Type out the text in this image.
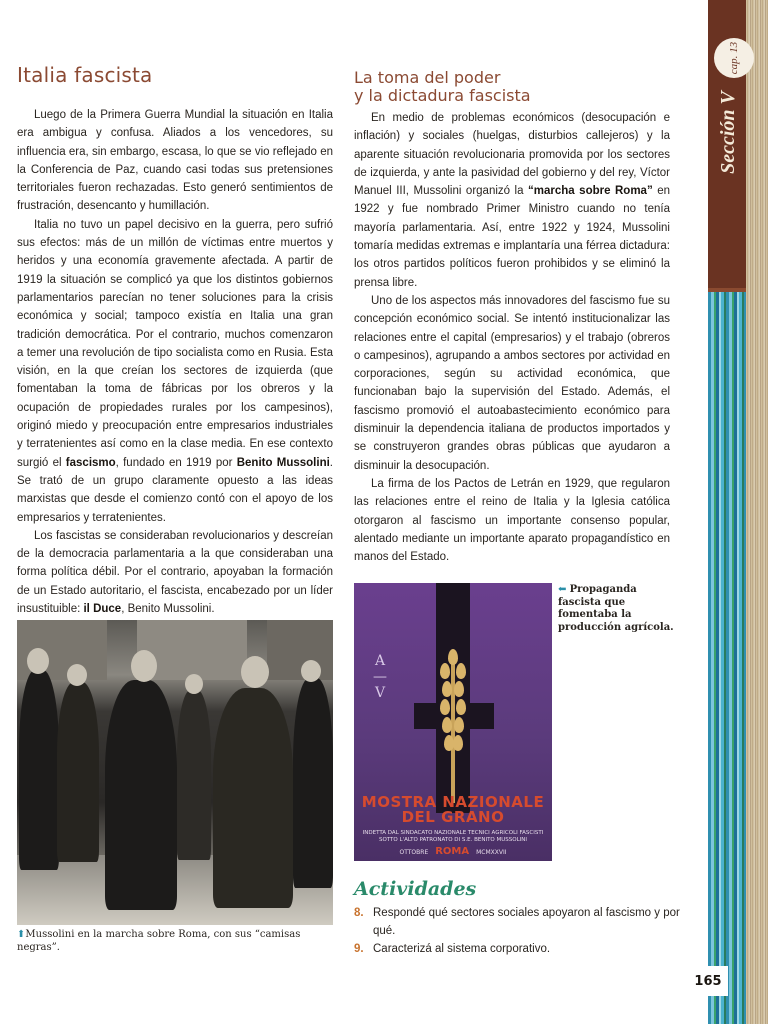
Italia fascista

Luego de la Primera Guerra Mundial la situación en Italia era ambigua y confusa. Aliados a los vencedores, su influencia era, sin embargo, escasa, lo que se vio reflejado en la Conferencia de Paz, cuando casi todas sus pretensiones territoriales fueron rechazadas. Esto generó sentimientos de frustración, desencanto y humillación.

Italia no tuvo un papel decisivo en la guerra, pero sufrió sus efectos: más de un millón de víctimas entre muertos y heridos y una economía gravemente afectada. A partir de 1919 la situación se complicó ya que los distintos gobiernos parlamentarios parecían no tener soluciones para la crisis económica y social; tampoco existía en Italia una gran tradición democrática. Por el contrario, muchos comenzaron a temer una revolución de tipo socialista como en Rusia. Esta visión, en la que creían los sectores de izquierda (que fomentaban la toma de fábricas por los obreros y la ocupación de propiedades rurales por los campesinos), originó miedo y preocupación entre empresarios industriales y terratenientes así como en la clase media. En ese contexto surgió el fascismo, fundado en 1919 por Benito Mussolini. Se trató de un grupo claramente opuesto a las ideas marxistas que desde el comienzo contó con el apoyo de los empresarios y terratenientes.

Los fascistas se consideraban revolucionarios y descreían de la democracia parlamentaria a la que consideraban una forma política débil. Por el contrario, apoyaban la formación de un Estado autoritario, el fascista, encabezado por un líder insustituible: il Duce, Benito Mussolini.

⬆Mussolini en la marcha sobre Roma, con sus “camisas negras”.
La toma del poder
y la dictadura fascista

En medio de problemas económicos (desocupación e inflación) y sociales (huelgas, disturbios callejeros) y la aparente situación revolucionaria promovida por los sectores de izquierda, y ante la pasividad del gobierno y del rey, Víctor Manuel III, Mussolini organizó la “marcha sobre Roma” en 1922 y fue nombrado Primer Ministro cuando no tenía mayoría parlamentaria. Así, entre 1922 y 1924, Mussolini tomaría medidas extremas e implantaría una férrea dictadura: los otros partidos políticos fueron prohibidos y se eliminó la prensa libre.

Uno de los aspectos más innovadores del fascismo fue su concepción económico social. Se intentó institucionalizar las relaciones entre el capital (empresarios) y el trabajo (obreros o campesinos), agrupando a ambos sectores por actividad en corporaciones, según su actividad económica, que funcionaban bajo la supervisión del Estado. Además, el fascismo promovió el autoabastecimiento económico para disminuir la dependencia italiana de productos importados y se construyeron grandes obras públicas que ayudaron a disminuir la desocupación.

La firma de los Pactos de Letrán en 1929, que regularon las relaciones entre el reino de Italia y la Iglesia católica otorgaron al fascismo un importante consenso popular, alentado mediante un importante aparato propagandístico en manos del Estado.

A
—
V
MOSTRA NAZIONALE
DEL GRANO
INDETTA DAL SINDACATO NAZIONALE TECNICI AGRICOLI FASCISTI
SOTTO L'ALTO PATRONATO DI S.E. BENITO MUSSOLINI
OTTOBRE ROMA MCMXXVII
⬅ Propaganda fascista que fomentaba la producción agrícola.
Actividades
8. Respondé qué sectores sociales apoyaron al fascismo y por qué.
9. Caracterizá al sistema corporativo.
cap. 13
Sección V
165
